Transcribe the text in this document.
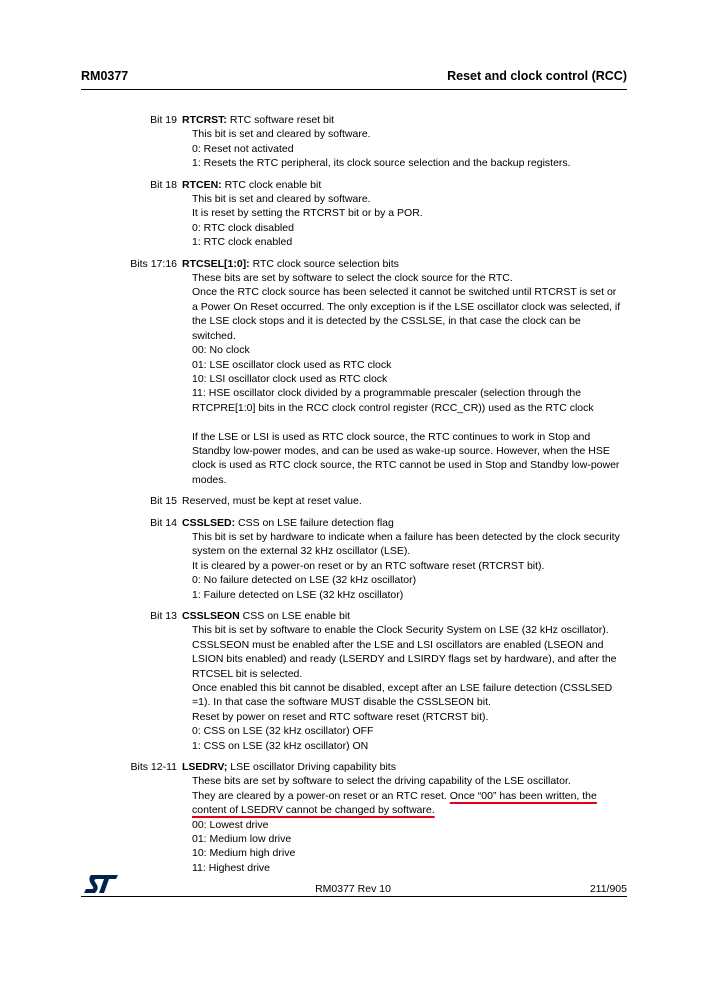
RM0377	Reset and clock control (RCC)
Bit 19 RTCRST: RTC software reset bit
This bit is set and cleared by software.
0: Reset not activated
1: Resets the RTC peripheral, its clock source selection and the backup registers.
Bit 18 RTCEN: RTC clock enable bit
This bit is set and cleared by software.
It is reset by setting the RTCRST bit or by a POR.
0: RTC clock disabled
1: RTC clock enabled
Bits 17:16 RTCSEL[1:0]: RTC clock source selection bits
These bits are set by software to select the clock source for the RTC.
Once the RTC clock source has been selected it cannot be switched until RTCRST is set or a Power On Reset occurred. The only exception is if the LSE oscillator clock was selected, if the LSE clock stops and it is detected by the CSSLSE, in that case the clock can be switched.
00: No clock
01: LSE oscillator clock used as RTC clock
10: LSI oscillator clock used as RTC clock
11: HSE oscillator clock divided by a programmable prescaler (selection through the RTCPRE[1:0] bits in the RCC clock control register (RCC_CR)) used as the RTC clock
If the LSE or LSI is used as RTC clock source, the RTC continues to work in Stop and Standby low-power modes, and can be used as wake-up source. However, when the HSE clock is used as RTC clock source, the RTC cannot be used in Stop and Standby low-power modes.
Bit 15 Reserved, must be kept at reset value.
Bit 14 CSSLSED: CSS on LSE failure detection flag
This bit is set by hardware to indicate when a failure has been detected by the clock security system on the external 32 kHz oscillator (LSE).
It is cleared by a power-on reset or by an RTC software reset (RTCRST bit).
0: No failure detected on LSE (32 kHz oscillator)
1: Failure detected on LSE (32 kHz oscillator)
Bit 13 CSSLSEON CSS on LSE enable bit
This bit is set by software to enable the Clock Security System on LSE (32 kHz oscillator). CSSLSEON must be enabled after the LSE and LSI oscillators are enabled (LSEON and LSION bits enabled) and ready (LSERDY and LSIRDY flags set by hardware), and after the RTCSEL bit is selected.
Once enabled this bit cannot be disabled, except after an LSE failure detection (CSSLSED =1). In that case the software MUST disable the CSSLSEON bit.
Reset by power on reset and RTC software reset (RTCRST bit).
0: CSS on LSE (32 kHz oscillator) OFF
1: CSS on LSE (32 kHz oscillator) ON
Bits 12-11 LSEDRV; LSE oscillator Driving capability bits
These bits are set by software to select the driving capability of the LSE oscillator.
They are cleared by a power-on reset or an RTC reset. Once “00” has been written, the content of LSEDRV cannot be changed by software.
00: Lowest drive
01: Medium low drive
10: Medium high drive
11: Highest drive
RM0377 Rev 10	211/905
